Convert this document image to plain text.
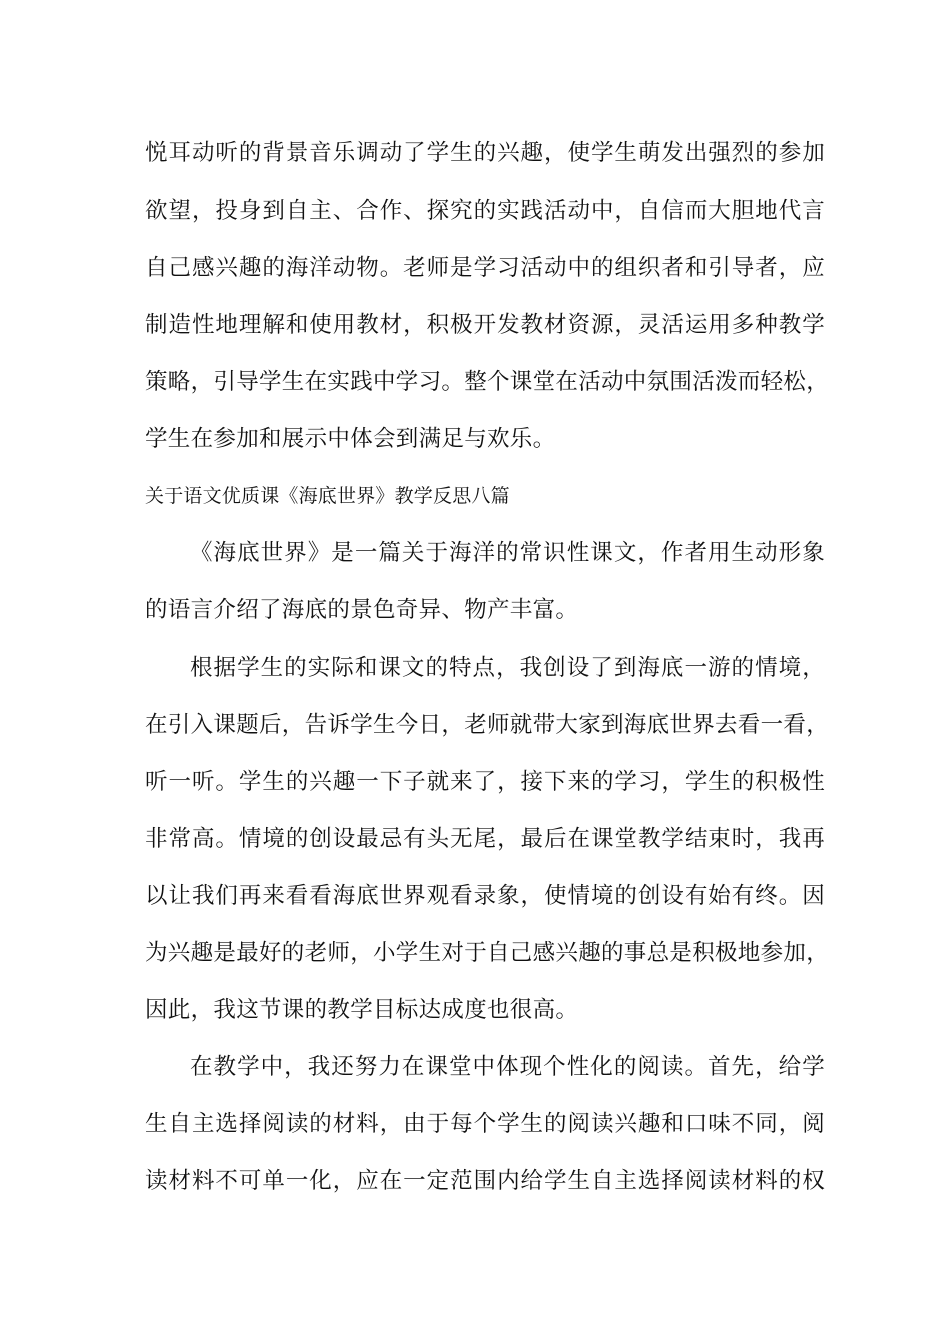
悦耳动听的背景音乐调动了学生的兴趣，使学生萌发出强烈的参加
欲望，投身到自主、合作、探究的实践活动中，自信而大胆地代言
自己感兴趣的海洋动物。老师是学习活动中的组织者和引导者，应
制造性地理解和使用教材，积极开发教材资源，灵活运用多种教学
策略，引导学生在实践中学习。整个课堂在活动中氛围活泼而轻松，
学生在参加和展示中体会到满足与欢乐。
关于语文优质课《海底世界》教学反思八篇
《海底世界》是一篇关于海洋的常识性课文，作者用生动形象
的语言介绍了海底的景色奇异、物产丰富。
根据学生的实际和课文的特点，我创设了到海底一游的情境，
在引入课题后，告诉学生今日，老师就带大家到海底世界去看一看，
听一听。学生的兴趣一下子就来了，接下来的学习，学生的积极性
非常高。情境的创设最忌有头无尾，最后在课堂教学结束时，我再
以让我们再来看看海底世界观看录象，使情境的创设有始有终。因
为兴趣是最好的老师，小学生对于自己感兴趣的事总是积极地参加，
因此，我这节课的教学目标达成度也很高。
在教学中，我还努力在课堂中体现个性化的阅读。首先，给学
生自主选择阅读的材料，由于每个学生的阅读兴趣和口味不同，阅
读材料不可单一化，应在一定范围内给学生自主选择阅读材料的权
